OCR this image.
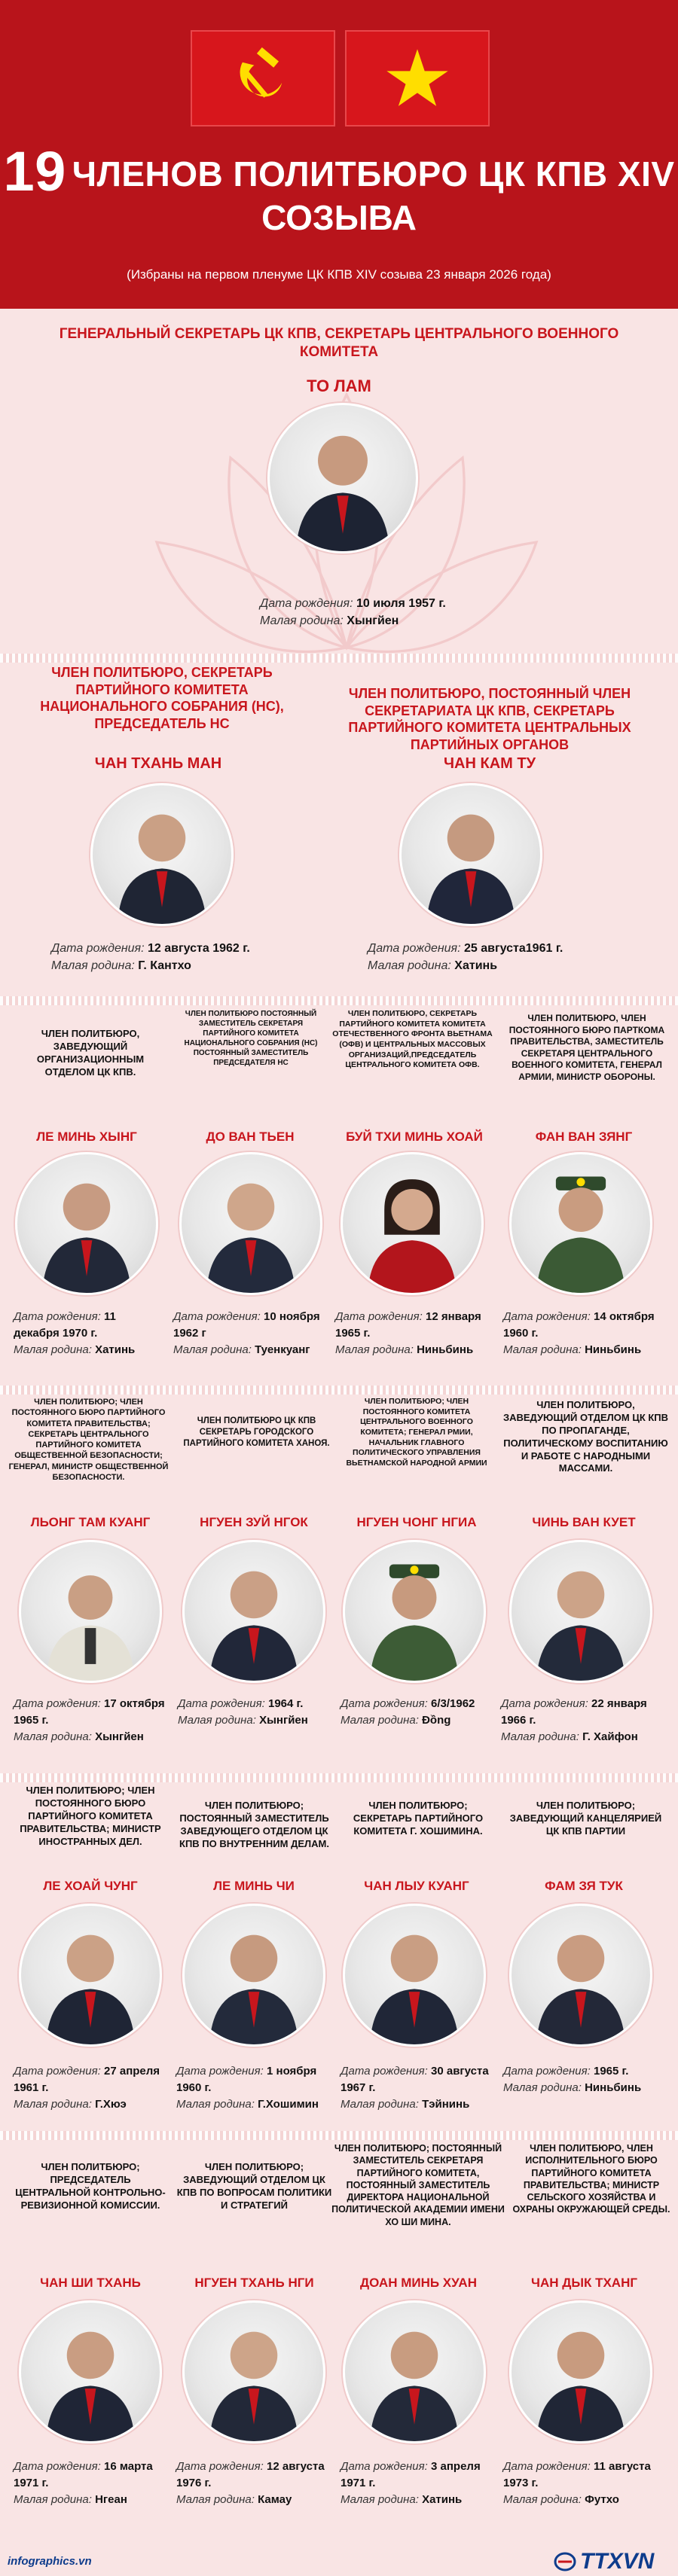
19 ЧЛЕНОВ ПОЛИТБЮРО ЦК КПВ XIV
СОЗЫВА
(Избраны на первом пленуме ЦК КПВ XIV созыва 23 января 2026 года)
ГЕНЕРАЛЬНЫЙ СЕКРЕТАРЬ ЦК КПВ, СЕКРЕТАРЬ ЦЕНТРАЛЬНОГО ВОЕННОГО КОМИТЕТА
ТО ЛАМ
Дата рождения: 10 июля 1957 г.
Малая родина: Хынгйен
ЧЛЕН ПОЛИТБЮРО, СЕКРЕТАРЬ ПАРТИЙНОГО КОМИТЕТА НАЦИОНАЛЬНОГО СОБРАНИЯ (НС), ПРЕДСЕДАТЕЛЬ НС
ЧАН ТХАНЬ МАН
Дата рождения: 12 августа 1962 г.
Малая родина: Г. Кантхо
ЧЛЕН ПОЛИТБЮРО, ПОСТОЯННЫЙ ЧЛЕН СЕКРЕТАРИАТА ЦК КПВ, СЕКРЕТАРЬ ПАРТИЙНОГО КОМИТЕТА ЦЕНТРАЛЬНЫХ ПАРТИЙНЫХ ОРГАНОВ
ЧАН КАМ ТУ
Дата рождения: 25 августа1961 г.
Малая родина: Хатинь
ЧЛЕН ПОЛИТБЮРО, ЗАВЕДУЮЩИЙ ОРГАНИЗАЦИОННЫМ ОТДЕЛОМ ЦК КПВ.
ЧЛЕН ПОЛИТБЮРО ПОСТОЯННЫЙ ЗАМЕСТИТЕЛЬ СЕКРЕТАРЯ ПАРТИЙНОГО КОМИТЕТА НАЦИОНАЛЬНОГО СОБРАНИЯ (НС) ПОСТОЯННЫЙ ЗАМЕСТИТЕЛЬ ПРЕДСЕДАТЕЛЯ НС
ЧЛЕН ПОЛИТБЮРО, СЕКРЕТАРЬ ПАРТИЙНОГО КОМИТЕТА КОМИТЕТА ОТЕЧЕСТВЕННОГО ФРОНТА ВЬЕТНАМА (ОФВ) И ЦЕНТРАЛЬНЫХ МАССОВЫХ ОРГАНИЗАЦИЙ,ПРЕДСЕДАТЕЛЬ ЦЕНТРАЛЬНОГО КОМИТЕТА ОФВ.
ЧЛЕН ПОЛИТБЮРО, ЧЛЕН ПОСТОЯННОГО БЮРО ПАРТКОМА ПРАВИТЕЛЬСТВА, ЗАМЕСТИТЕЛЬ СЕКРЕТАРЯ ЦЕНТРАЛЬНОГО ВОЕННОГО КОМИТЕТА, ГЕНЕРАЛ АРМИИ, МИНИСТР ОБОРОНЫ.
ЛЕ МИНЬ ХЫНГ	ДО ВАН ТЬЕН	БУЙ ТХИ МИНЬ ХОАЙ	ФАН ВАН ЗЯНГ
Дата рождения: 11 декабря 1970 г.
Малая родина: Хатинь
Дата рождения: 10 ноября 1962 г
Малая родина: Туенкуанг
Дата рождения: 12 января 1965 г.
Малая родина: Ниньбинь
Дата рождения: 14 октября 1960 г.
Малая родина: Ниньбинь
ЧЛЕН ПОЛИТБЮРО; ЧЛЕН ПОСТОЯННОГО БЮРО ПАРТИЙНОГО КОМИТЕТА ПРАВИТЕЛЬСТВА; СЕКРЕТАРЬ ЦЕНТРАЛЬНОГО ПАРТИЙНОГО КОМИТЕТА ОБЩЕСТВЕННОЙ БЕЗОПАСНОСТИ; ГЕНЕРАЛ, МИНИСТР ОБЩЕСТВЕННОЙ БЕЗОПАСНОСТИ.
ЧЛЕН ПОЛИТБЮРО ЦК КПВ СЕКРЕТАРЬ ГОРОДСКОГО ПАРТИЙНОГО КОМИТЕТА ХАНОЯ.
ЧЛЕН ПОЛИТБЮРО; ЧЛЕН ПОСТОЯННОГО КОМИТЕТА ЦЕНТРАЛЬНОГО ВОЕННОГО КОМИТЕТА; ГЕНЕРАЛ РМИИ, НАЧАЛЬНИК ГЛАВНОГО ПОЛИТИЧЕСКОГО УПРАВЛЕНИЯ ВЬЕТНАМСКОЙ НАРОДНОЙ АРМИИ
ЧЛЕН ПОЛИТБЮРО, ЗАВЕДУЮЩИЙ ОТДЕЛОМ ЦК КПВ ПО ПРОПАГАНДЕ, ПОЛИТИЧЕСКОМУ ВОСПИТАНИЮ И РАБОТЕ С НАРОДНЫМИ МАССАМИ.
ЛЬОНГ ТАМ КУАНГ	НГУЕН ЗУЙ НГОК	НГУЕН ЧОНГ НГИА	ЧИНЬ ВАН КУЕТ
Дата рождения: 17 октября 1965 г.
Малая родина: Хынгйен
Дата рождения: 1964 г.
Малая родина: Хынгйен
Дата рождения: 6/3/1962
Малая родина: Đồng
Дата рождения: 22 января 1966 г.
Малая родина: Г. Хайфон
ЧЛЕН ПОЛИТБЮРО; ЧЛЕН ПОСТОЯННОГО БЮРО ПАРТИЙНОГО КОМИТЕТА ПРАВИТЕЛЬСТВА; МИНИСТР ИНОСТРАННЫХ ДЕЛ.
ЧЛЕН ПОЛИТБЮРО; ПОСТОЯННЫЙ ЗАМЕСТИТЕЛЬ ЗАВЕДУЮЩЕГО ОТДЕЛОМ ЦК КПВ ПО ВНУТРЕННИМ ДЕЛАМ.
ЧЛЕН ПОЛИТБЮРО; СЕКРЕТАРЬ ПАРТИЙНОГО КОМИТЕТА Г. ХОШИМИНА.
ЧЛЕН ПОЛИТБЮРО; ЗАВЕДУЮЩИЙ КАНЦЕЛЯРИЕЙ ЦК КПВ ПАРТИИ
ЛЕ ХОАЙ ЧУНГ	ЛЕ МИНЬ ЧИ	ЧАН ЛЫУ КУАНГ	ФАМ ЗЯ ТУК
Дата рождения: 27 апреля 1961 г.
Малая родина: Г.Хюэ
Дата рождения: 1 ноября 1960 г.
Малая родина: Г.Хошимин
Дата рождения: 30 августа 1967 г.
Малая родина: Тэйнинь
Дата рождения: 1965 г.
Малая родина: Ниньбинь
ЧЛЕН ПОЛИТБЮРО; ПРЕДСЕДАТЕЛЬ ЦЕНТРАЛЬНОЙ КОНТРОЛЬНО-РЕВИЗИОННОЙ КОМИССИИ.
ЧЛЕН ПОЛИТБЮРО; ЗАВЕДУЮЩИЙ ОТДЕЛОМ ЦК КПВ ПО ВОПРОСАМ ПОЛИТИКИ И СТРАТЕГИЙ
ЧЛЕН ПОЛИТБЮРО; ПОСТОЯННЫЙ ЗАМЕСТИТЕЛЬ СЕКРЕТАРЯ ПАРТИЙНОГО КОМИТЕТА, ПОСТОЯННЫЙ ЗАМЕСТИТЕЛЬ ДИРЕКТОРА НАЦИОНАЛЬНОЙ ПОЛИТИЧЕСКОЙ АКАДЕМИИ ИМЕНИ ХО ШИ МИНА.
ЧЛЕН ПОЛИТБЮРО, ЧЛЕН ИСПОЛНИТЕЛЬНОГО БЮРО ПАРТИЙНОГО КОМИТЕТА ПРАВИТЕЛЬСТВА; МИНИСТР СЕЛЬСКОГО ХОЗЯЙСТВА И ОХРАНЫ ОКРУЖАЮЩЕЙ СРЕДЫ.
ЧАН ШИ ТХАНЬ	НГУЕН ТХАНЬ НГИ	ДОАН МИНЬ ХУАН	ЧАН ДЫК ТХАНГ
Дата рождения: 16 марта 1971 г.
Малая родина: Нгеан
Дата рождения: 12 августа 1976 г.
Малая родина: Камау
Дата рождения: 3 апреля 1971 г.
Малая родина: Хатинь
Дата рождения: 11 августа 1973 г.
Малая родина: Футхо
infographics.vn	TTXVN
